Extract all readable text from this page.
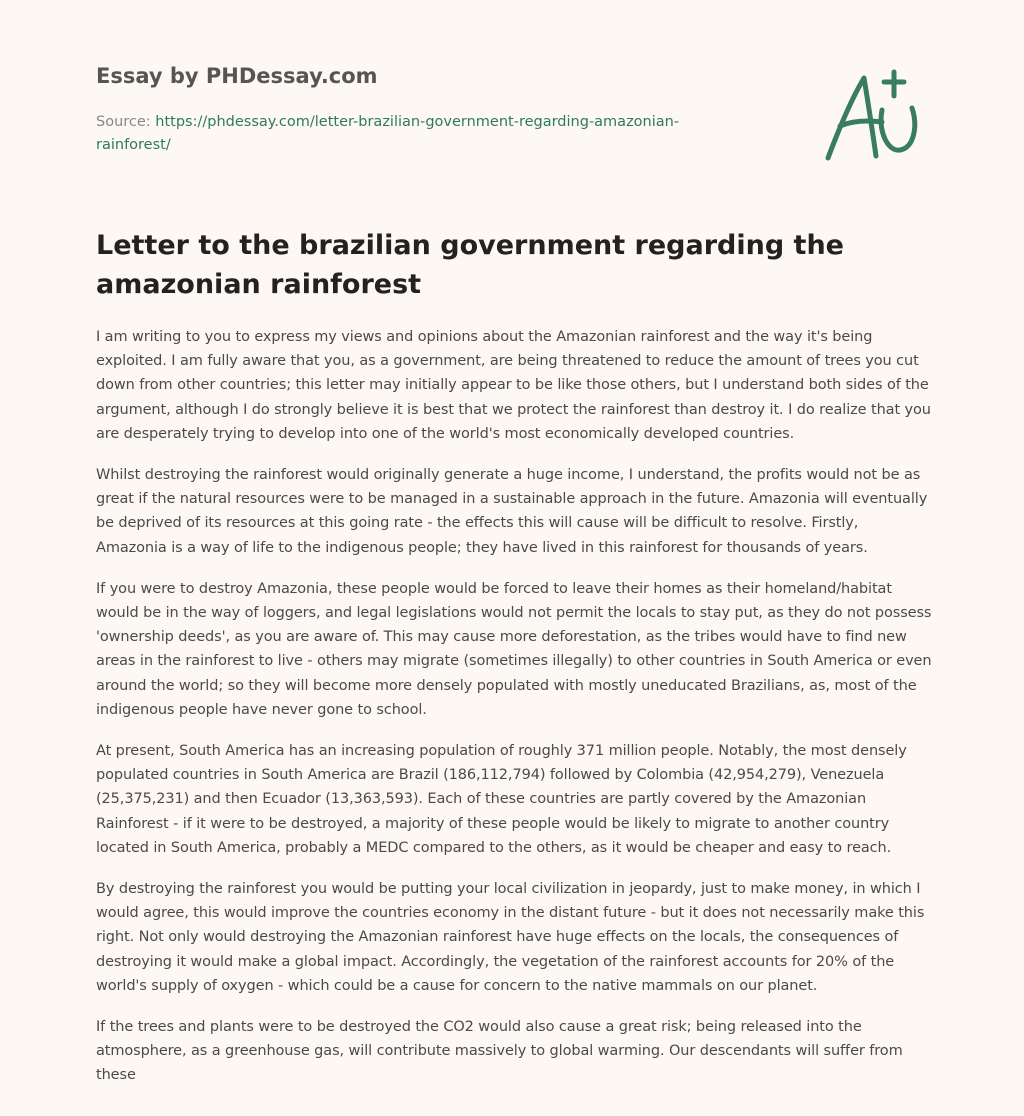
Essay by PHDessay.com
Source: https://phdessay.com/letter-brazilian-government-regarding-amazonian-rainforest/
Letter to the brazilian government regarding the amazonian rainforest

I am writing to you to express my views and opinions about the Amazonian rainforest and the way it's being exploited. I am fully aware that you, as a government, are being threatened to reduce the amount of trees you cut down from other countries; this letter may initially appear to be like those others, but I understand both sides of the argument, although I do strongly believe it is best that we protect the rainforest than destroy it. I do realize that you are desperately trying to develop into one of the world's most economically developed countries.

Whilst destroying the rainforest would originally generate a huge income, I understand, the profits would not be as great if the natural resources were to be managed in a sustainable approach in the future. Amazonia will eventually be deprived of its resources at this going rate - the effects this will cause will be difficult to resolve. Firstly, Amazonia is a way of life to the indigenous people; they have lived in this rainforest for thousands of years.

If you were to destroy Amazonia, these people would be forced to leave their homes as their homeland/habitat would be in the way of loggers, and legal legislations would not permit the locals to stay put, as they do not possess 'ownership deeds', as you are aware of. This may cause more deforestation, as the tribes would have to find new areas in the rainforest to live - others may migrate (sometimes illegally) to other countries in South America or even around the world; so they will become more densely populated with mostly uneducated Brazilians, as, most of the indigenous people have never gone to school.

At present, South America has an increasing population of roughly 371 million people. Notably, the most densely populated countries in South America are Brazil (186,112,794) followed by Colombia (42,954,279), Venezuela (25,375,231) and then Ecuador (13,363,593). Each of these countries are partly covered by the Amazonian Rainforest - if it were to be destroyed, a majority of these people would be likely to migrate to another country located in South America, probably a MEDC compared to the others, as it would be cheaper and easy to reach.

By destroying the rainforest you would be putting your local civilization in jeopardy, just to make money, in which I would agree, this would improve the countries economy in the distant future - but it does not necessarily make this right. Not only would destroying the Amazonian rainforest have huge effects on the locals, the consequences of destroying it would make a global impact. Accordingly, the vegetation of the rainforest accounts for 20% of the world's supply of oxygen - which could be a cause for concern to the native mammals on our planet.

If the trees and plants were to be destroyed the CO2 would also cause a great risk; being released into the atmosphere, as a greenhouse gas, will contribute massively to global warming. Our descendants will suffer from these
